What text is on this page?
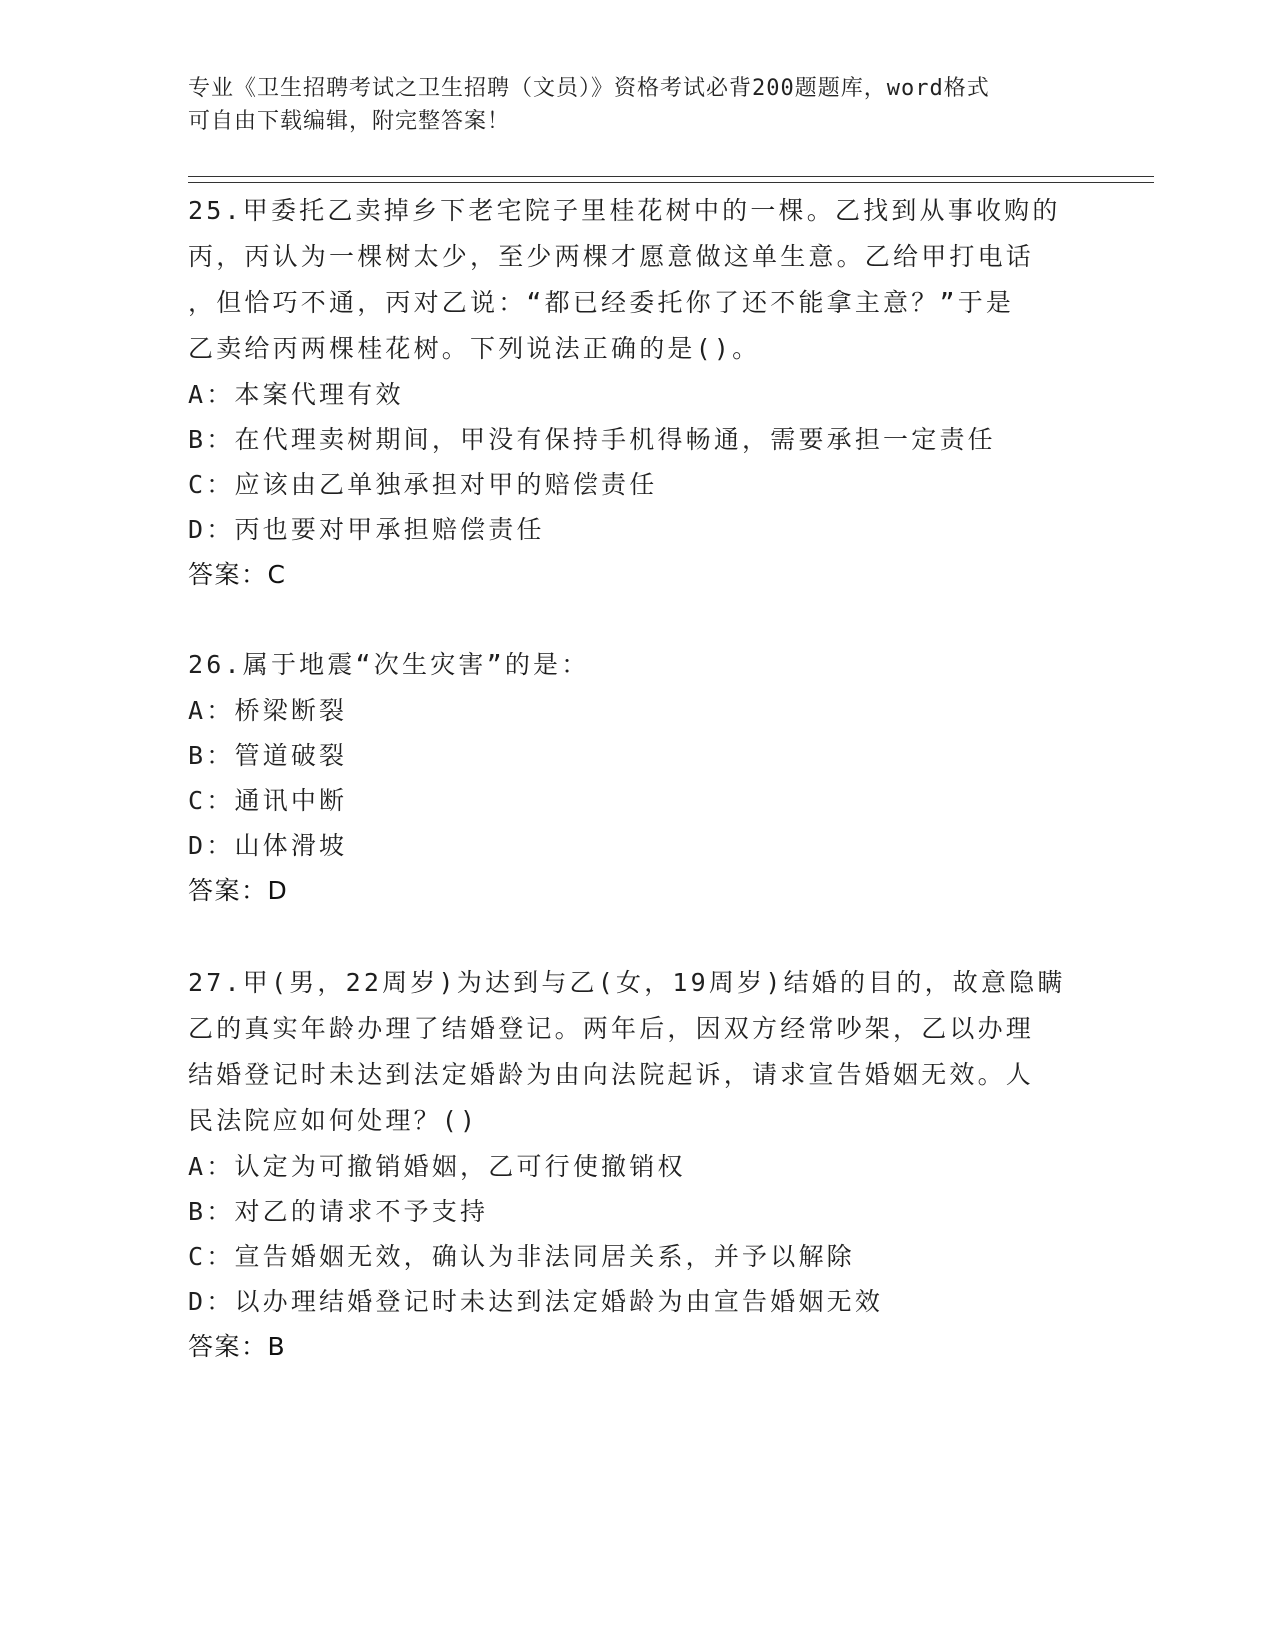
专业《卫生招聘考试之卫生招聘（文员）》资格考试必背200题题库，word格式
可自由下载编辑，附完整答案！

25.甲委托乙卖掉乡下老宅院子里桂花树中的一棵。乙找到从事收购的

丙，丙认为一棵树太少，至少两棵才愿意做这单生意。乙给甲打电话

，但恰巧不通，丙对乙说：“都已经委托你了还不能拿主意？”于是

乙卖给丙两棵桂花树。下列说法正确的是()。

A：本案代理有效

B：在代理卖树期间，甲没有保持手机得畅通，需要承担一定责任

C：应该由乙单独承担对甲的赔偿责任

D：丙也要对甲承担赔偿责任

答案：C

26.属于地震“次生灾害”的是：

A：桥梁断裂

B：管道破裂

C：通讯中断

D：山体滑坡

答案：D

27.甲(男，22周岁)为达到与乙(女，19周岁)结婚的目的，故意隐瞒

乙的真实年龄办理了结婚登记。两年后，因双方经常吵架，乙以办理

结婚登记时未达到法定婚龄为由向法院起诉，请求宣告婚姻无效。人

民法院应如何处理？()

A：认定为可撤销婚姻，乙可行使撤销权

B：对乙的请求不予支持

C：宣告婚姻无效，确认为非法同居关系，并予以解除

D：以办理结婚登记时未达到法定婚龄为由宣告婚姻无效

答案：B
